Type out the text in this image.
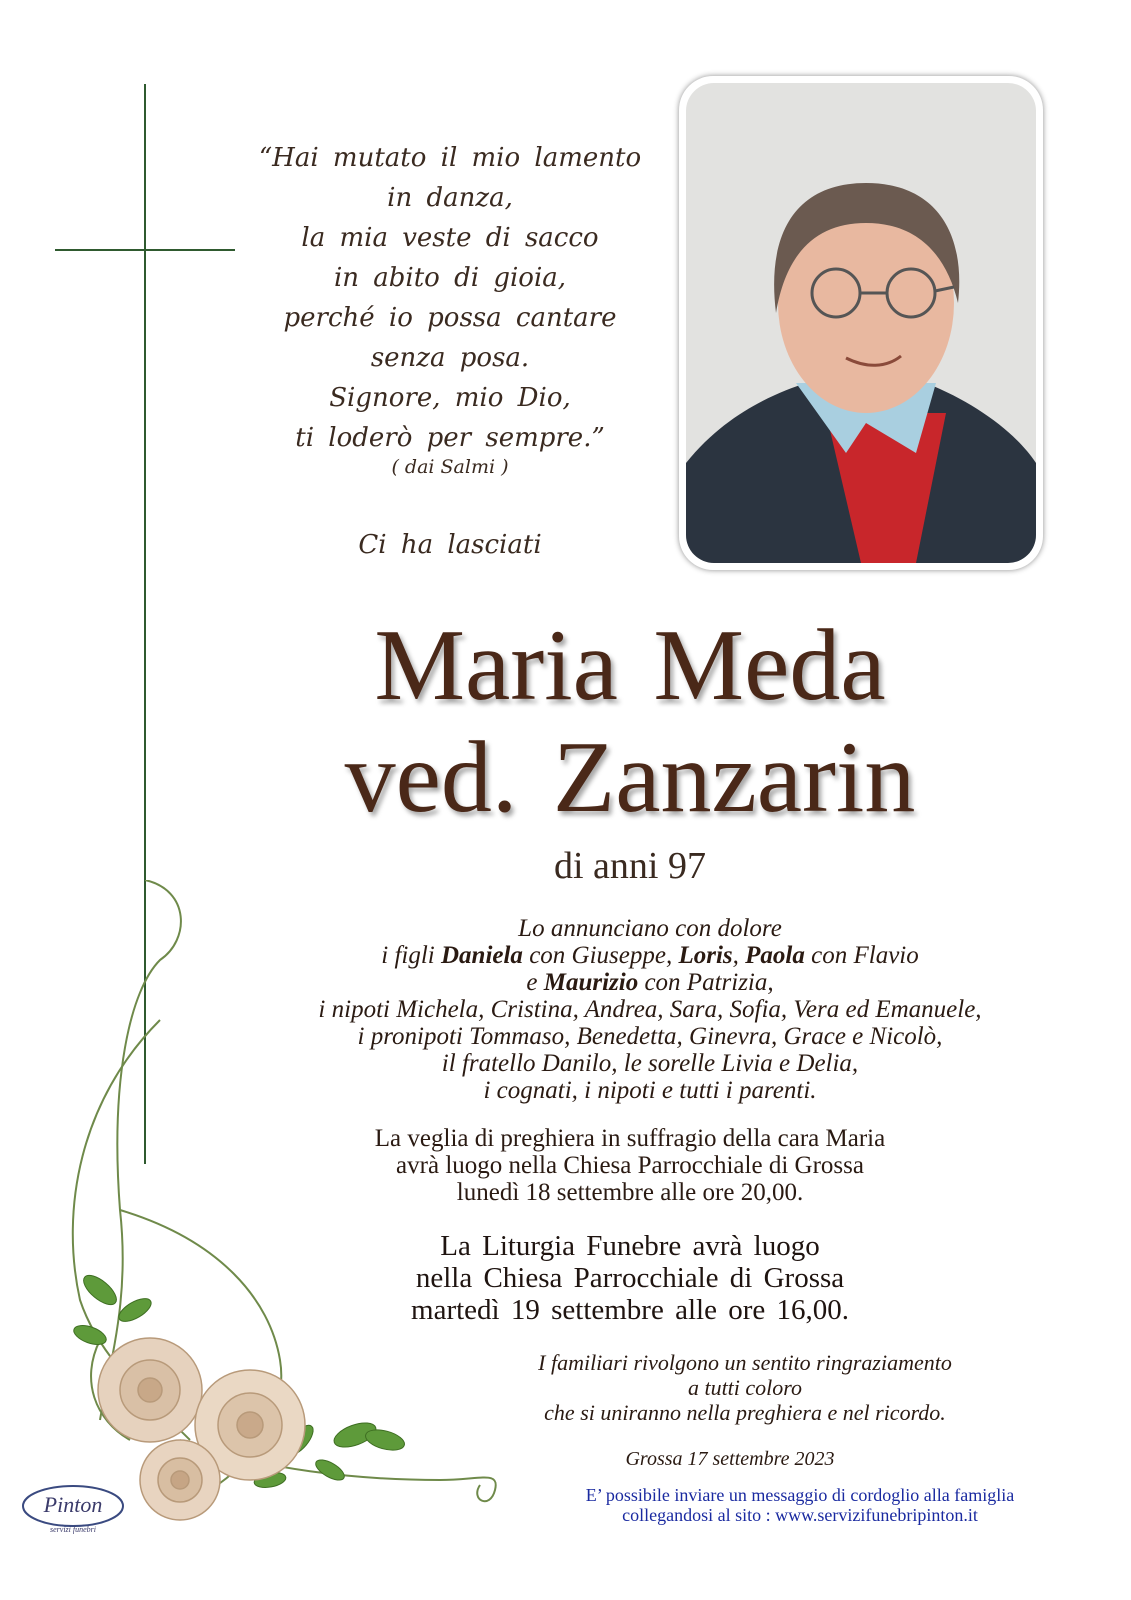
“Hai mutato il mio lamento
in danza,
la mia veste di sacco
in abito di gioia,
perché io possa cantare
senza posa.
Signore, mio Dio,
ti loderò per sempre.”
( dai Salmi )
Ci ha lasciati
Maria Meda
ved. Zanzarin
di anni 97
Lo annunciano con dolore
i figli Daniela con Giuseppe, Loris, Paola con Flavio
e Maurizio con Patrizia,
i nipoti Michela, Cristina, Andrea, Sara, Sofia, Vera ed Emanuele,
i pronipoti Tommaso, Benedetta, Ginevra, Grace e Nicolò,
il fratello Danilo, le sorelle Livia e Delia,
i cognati, i nipoti e tutti i parenti.
La veglia di preghiera in suffragio della cara Maria
avrà luogo nella Chiesa Parrocchiale di Grossa
lunedì 18 settembre alle ore 20,00.
La Liturgia Funebre avrà luogo
nella Chiesa Parrocchiale di Grossa
martedì 19 settembre alle ore 16,00.
I familiari rivolgono un sentito ringraziamento
a tutti coloro
che si uniranno nella preghiera e nel ricordo.
Grossa 17 settembre 2023
E’ possibile inviare un messaggio di cordoglio alla famiglia
collegandosi al sito : www.servizifunebripinton.it
Pinton
servizi funebri
